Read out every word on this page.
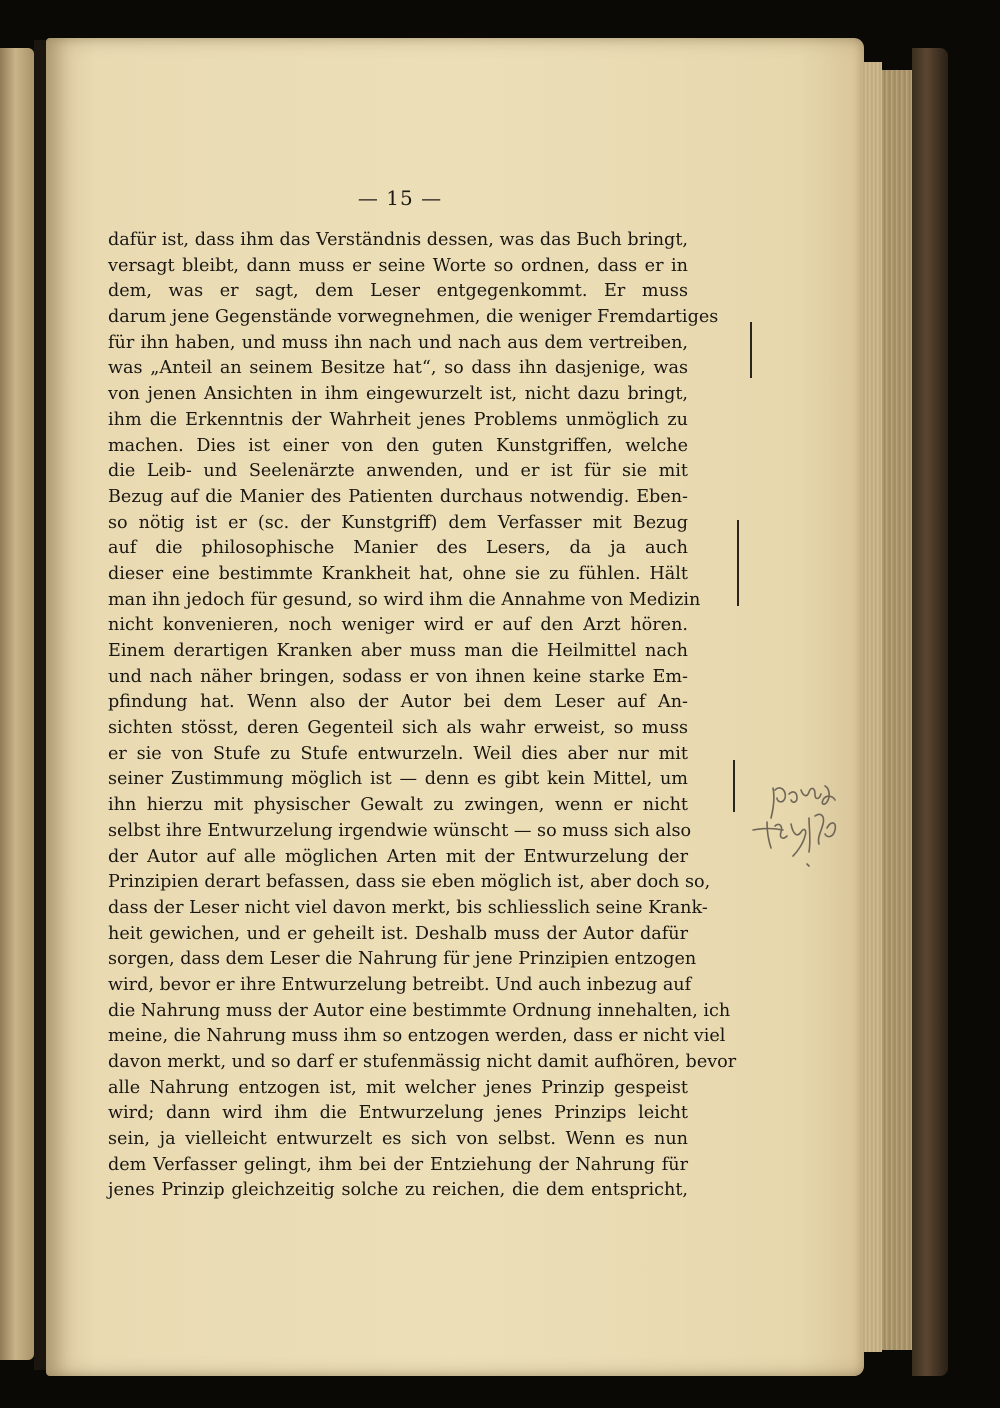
— 15 —
dafür ist, dass ihm das Verständnis dessen, was das Buch bringt,
versagt bleibt, dann muss er seine Worte so ordnen, dass er in
dem, was er sagt, dem Leser entgegenkommt. Er muss
darum jene Gegenstände vorwegnehmen, die weniger Fremdartiges
für ihn haben, und muss ihn nach und nach aus dem vertreiben,
was „Anteil an seinem Besitze hat“, so dass ihn dasjenige, was
von jenen Ansichten in ihm eingewurzelt ist, nicht dazu bringt,
ihm die Erkenntnis der Wahrheit jenes Problems unmöglich zu
machen. Dies ist einer von den guten Kunstgriffen, welche
die Leib- und Seelenärzte anwenden, und er ist für sie mit
Bezug auf die Manier des Patienten durchaus notwendig. Eben-
so nötig ist er (sc. der Kunstgriff) dem Verfasser mit Bezug
auf die philosophische Manier des Lesers, da ja auch
dieser eine bestimmte Krankheit hat, ohne sie zu fühlen. Hält
man ihn jedoch für gesund, so wird ihm die Annahme von Medizin
nicht konvenieren, noch weniger wird er auf den Arzt hören.
Einem derartigen Kranken aber muss man die Heilmittel nach
und nach näher bringen, sodass er von ihnen keine starke Em-
pfindung hat. Wenn also der Autor bei dem Leser auf An-
sichten stösst, deren Gegenteil sich als wahr erweist, so muss
er sie von Stufe zu Stufe entwurzeln. Weil dies aber nur mit
seiner Zustimmung möglich ist — denn es gibt kein Mittel, um
ihn hierzu mit physischer Gewalt zu zwingen, wenn er nicht
selbst ihre Entwurzelung irgendwie wünscht — so muss sich also
der Autor auf alle möglichen Arten mit der Entwurzelung der
Prinzipien derart befassen, dass sie eben möglich ist, aber doch so,
dass der Leser nicht viel davon merkt, bis schliesslich seine Krank-
heit gewichen, und er geheilt ist. Deshalb muss der Autor dafür
sorgen, dass dem Leser die Nahrung für jene Prinzipien entzogen
wird, bevor er ihre Entwurzelung betreibt. Und auch inbezug auf
die Nahrung muss der Autor eine bestimmte Ordnung innehalten, ich
meine, die Nahrung muss ihm so entzogen werden, dass er nicht viel
davon merkt, und so darf er stufenmässig nicht damit aufhören, bevor
alle Nahrung entzogen ist, mit welcher jenes Prinzip gespeist
wird; dann wird ihm die Entwurzelung jenes Prinzips leicht
sein, ja vielleicht entwurzelt es sich von selbst. Wenn es nun
dem Verfasser gelingt, ihm bei der Entziehung der Nahrung für
jenes Prinzip gleichzeitig solche zu reichen, die dem entspricht,
